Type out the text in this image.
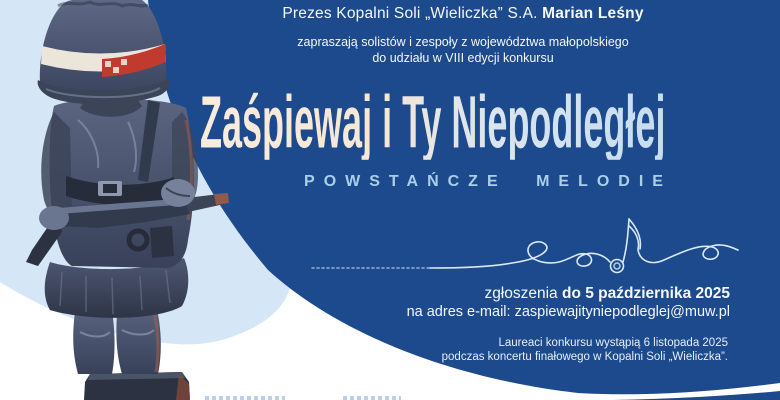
Prezes Kopalni Soli „Wieliczka” S.A. Marian Leśny
zapraszają solistów i zespoły z województwa małopolskiego
do udziału w VIII edycji konkursu
Zaśpiewaj i Ty Niepodległej
POWSTAŃCZE MELODIE
zgłoszenia do 5 października 2025
na adres e-mail: zaspiewajityniepodleglej@muw.pl
Laureaci konkursu wystąpią 6 listopada 2025
podczas koncertu finałowego w Kopalni Soli „Wieliczka”.
